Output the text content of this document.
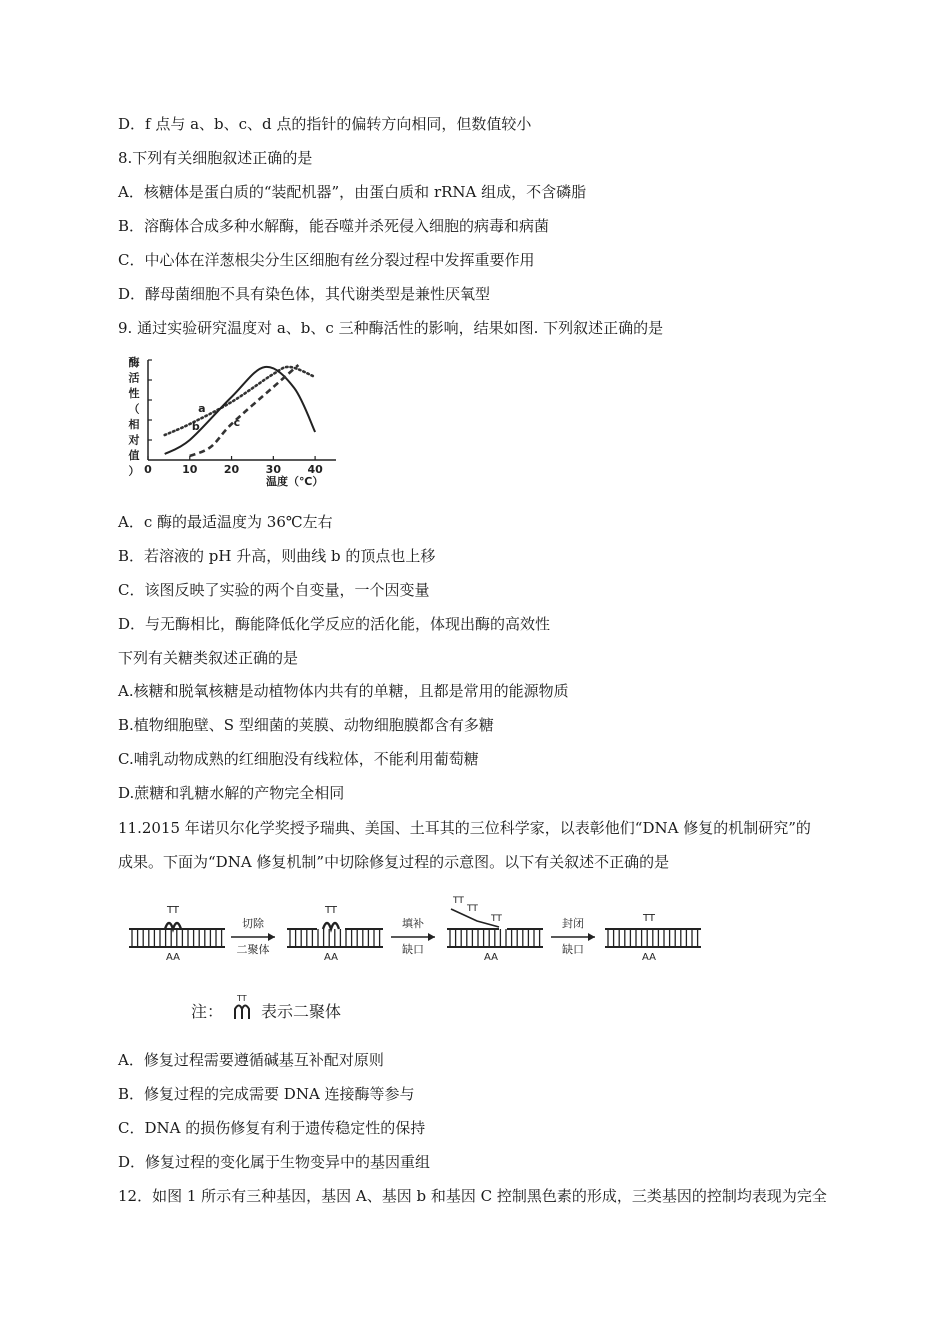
D．f 点与 a、b、c、d 点的指针的偏转方向相同，但数值较小
8.下列有关细胞叙述正确的是
A．核糖体是蛋白质的“装配机器”，由蛋白质和 rRNA 组成，不含磷脂
B．溶酶体合成多种水解酶，能吞噬并杀死侵入细胞的病毒和病菌
C．中心体在洋葱根尖分生区细胞有丝分裂过程中发挥重要作用
D．酵母菌细胞不具有染色体，其代谢类型是兼性厌氧型
9. 通过实验研究温度对 a、b、c 三种酶活性的影响，结果如图. 下列叙述正确的是
A．c 酶的最适温度为 36℃左右
B．若溶液的 pH 升高，则曲线 b 的顶点也上移
C．该图反映了实验的两个自变量，一个因变量
D．与无酶相比，酶能降低化学反应的活化能，体现出酶的高效性
下列有关糖类叙述正确的是
A.核糖和脱氧核糖是动植物体内共有的单糖，且都是常用的能源物质
B.植物细胞壁、S 型细菌的荚膜、动物细胞膜都含有多糖
C.哺乳动物成熟的红细胞没有线粒体，不能利用葡萄糖
D.蔗糖和乳糖水解的产物完全相同
11.2015 年诺贝尔化学奖授予瑞典、美国、土耳其的三位科学家，以表彰他们“DNA 修复的机制研究”的
成果。下面为“DNA 修复机制”中切除修复过程的示意图。以下有关叙述不正确的是
A．修复过程需要遵循碱基互补配对原则
B．修复过程的完成需要 DNA 连接酶等参与
C．DNA 的损伤修复有利于遗传稳定性的保持
D．修复过程的变化属于生物变异中的基因重组
12．如图 1 所示有三种基因，基因 A、基因 b 和基因 C 控制黑色素的形成，三类基因的控制均表现为完全
酶
活
性
（
相
对
值
） 0	10 20 30 40
温度（℃）
a
b	c
TT
AA
TT
AA
TT
TT
TT
AA
TT
AA
切除
二聚体
填补
缺口
封闭
缺口
注：
TT
表示二聚体
